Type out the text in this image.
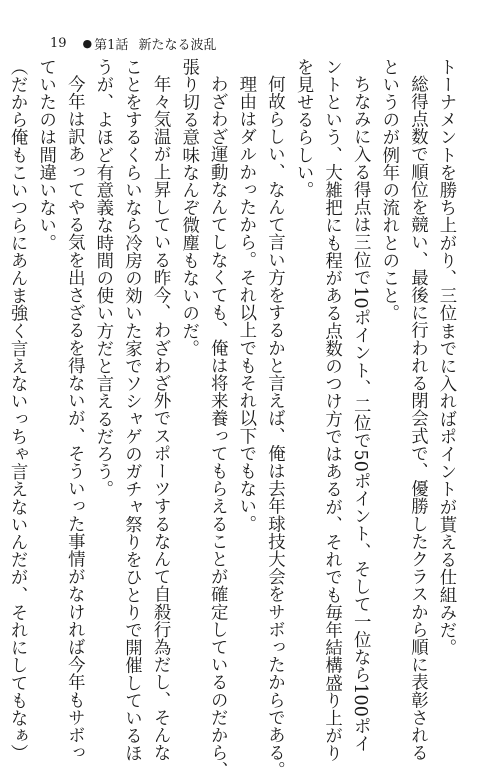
19 ● 第1話 新たなる波乱
トーナメントを勝ち上がり、三位までに入ればポイントが貰える仕組みだ。
総得点数で順位を競い、最後に行われる閉会式で、優勝したクラスから順に表彰される
というのが例年の流れとのこと。
ちなみに入る得点は三位で10ポイント、二位で50ポイント、そして一位なら100ポイ
ントという、大雑把にも程がある点数のつけ方ではあるが、それでも毎年結構盛り上がり
を見せるらしい。
何故らしい、なんて言い方をするかと言えば、俺は去年球技大会をサボったからである。
理由はダルかったから。それ以上でもそれ以下でもない。
わざわざ運動なんてしなくても、俺は将来養ってもらえることが確定しているのだから、
張り切る意味なんぞ微塵もないのだ。
年々気温が上昇している昨今、わざわざ外でスポーツするなんて自殺行為だし、そんな
ことをするくらいなら冷房の効いた家でソシャゲのガチャ祭りをひとりで開催しているほ
うが、よほど有意義な時間の使い方だと言えるだろう。
今年は訳あってやる気を出さざるを得ないが、そういった事情がなければ今年もサボっ
ていたのは間違いない。
（だから俺もこいつらにあんま強く言えないっちゃ言えないんだが、それにしてもなぁ）
